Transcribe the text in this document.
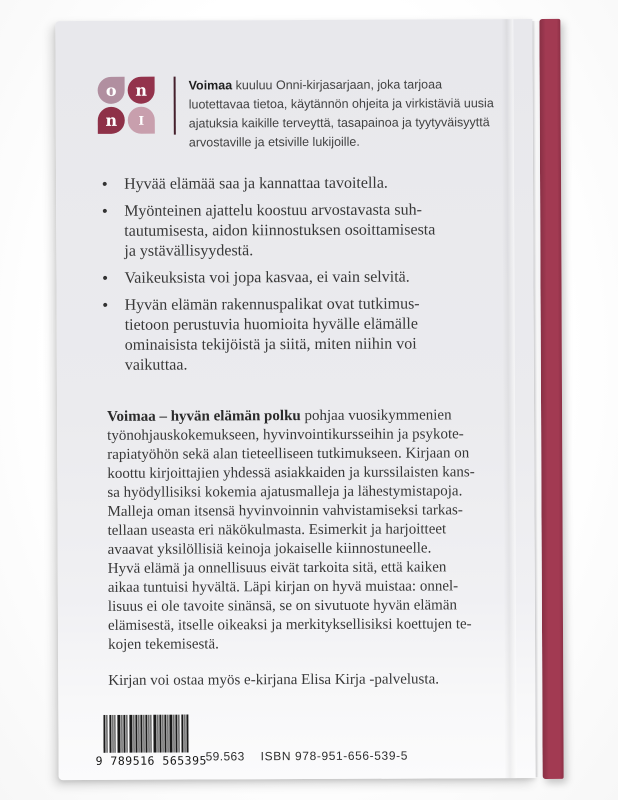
o n
n I
Voimaa kuuluu Onni-kirjasarjaan, joka tarjoaa
luotettavaa tietoa, käytännön ohjeita ja virkistäviä uusia
ajatuksia kaikille terveyttä, tasapainoa ja tyytyväisyyttä
arvostaville ja etsiville lukijoille.
•	Hyvää elämää saa ja kannattaa tavoitella.
•	Myönteinen ajattelu koostuu arvostavasta suh-
tautumisesta, aidon kiinnostuksen osoittamisesta
ja ystävällisyydestä.
•	Vaikeuksista voi jopa kasvaa, ei vain selvitä.
•	Hyvän elämän rakennuspalikat ovat tutkimus-
tietoon perustuvia huomioita hyvälle elämälle
ominaisista tekijöistä ja siitä, miten niihin voi
vaikuttaa.
Voimaa – hyvän elämän polku pohjaa vuosikymmenien
työnohjauskokemukseen, hyvinvointikursseihin ja psykote-
rapiatyöhön sekä alan tieteelliseen tutkimukseen. Kirjaan on
koottu kirjoittajien yhdessä asiakkaiden ja kurssilaisten kans-
sa hyödyllisiksi kokemia ajatusmalleja ja lähestymistapoja.
Malleja oman itsensä hyvinvoinnin vahvistamiseksi tarkas-
tellaan useasta eri näkökulmasta. Esimerkit ja harjoitteet
avaavat yksilöllisiä keinoja jokaiselle kiinnostuneelle.
Hyvä elämä ja onnellisuus eivät tarkoita sitä, että kaiken
aikaa tuntuisi hyvältä. Läpi kirjan on hyvä muistaa: onnel-
lisuus ei ole tavoite sinänsä, se on sivutuote hyvän elämän
elämisestä, itselle oikeaksi ja merkityksellisiksi koettujen te-
kojen tekemisestä.
Kirjan voi ostaa myös e-kirjana Elisa Kirja -palvelusta.
9 789516 565395
59.563 ISBN 978-951-656-539-5
